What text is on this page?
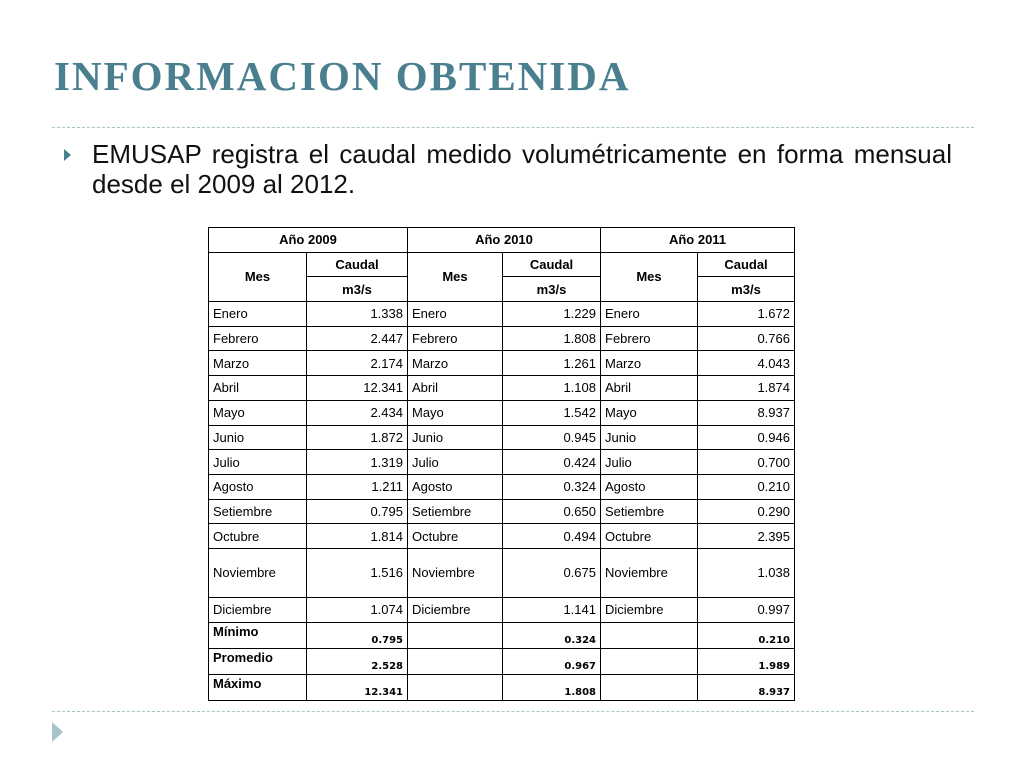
INFORMACION OBTENIDA

EMUSAP registra el caudal medido volumétricamente en forma mensual desde el 2009 al 2012.

Año 2009		Año 2010		Año 2011	
Mes	Caudal	Mes	Caudal	Mes	Caudal
	m3/s		m3/s		m3/s
Enero	1.338	Enero	1.229	Enero	1.672
Febrero	2.447	Febrero	1.808	Febrero	0.766
Marzo	2.174	Marzo	1.261	Marzo	4.043
Abril	12.341	Abril	1.108	Abril	1.874
Mayo	2.434	Mayo	1.542	Mayo	8.937
Junio	1.872	Junio	0.945	Junio	0.946
Julio	1.319	Julio	0.424	Julio	0.700
Agosto	1.211	Agosto	0.324	Agosto	0.210
Setiembre	0.795	Setiembre	0.650	Setiembre	0.290
Octubre	1.814	Octubre	0.494	Octubre	2.395
Noviembre	1.516	Noviembre	0.675	Noviembre	1.038
Diciembre	1.074	Diciembre	1.141	Diciembre	0.997
Mínimo	0.795		0.324		0.210
Promedio	2.528		0.967		1.989
Máximo	12.341		1.808		8.937
